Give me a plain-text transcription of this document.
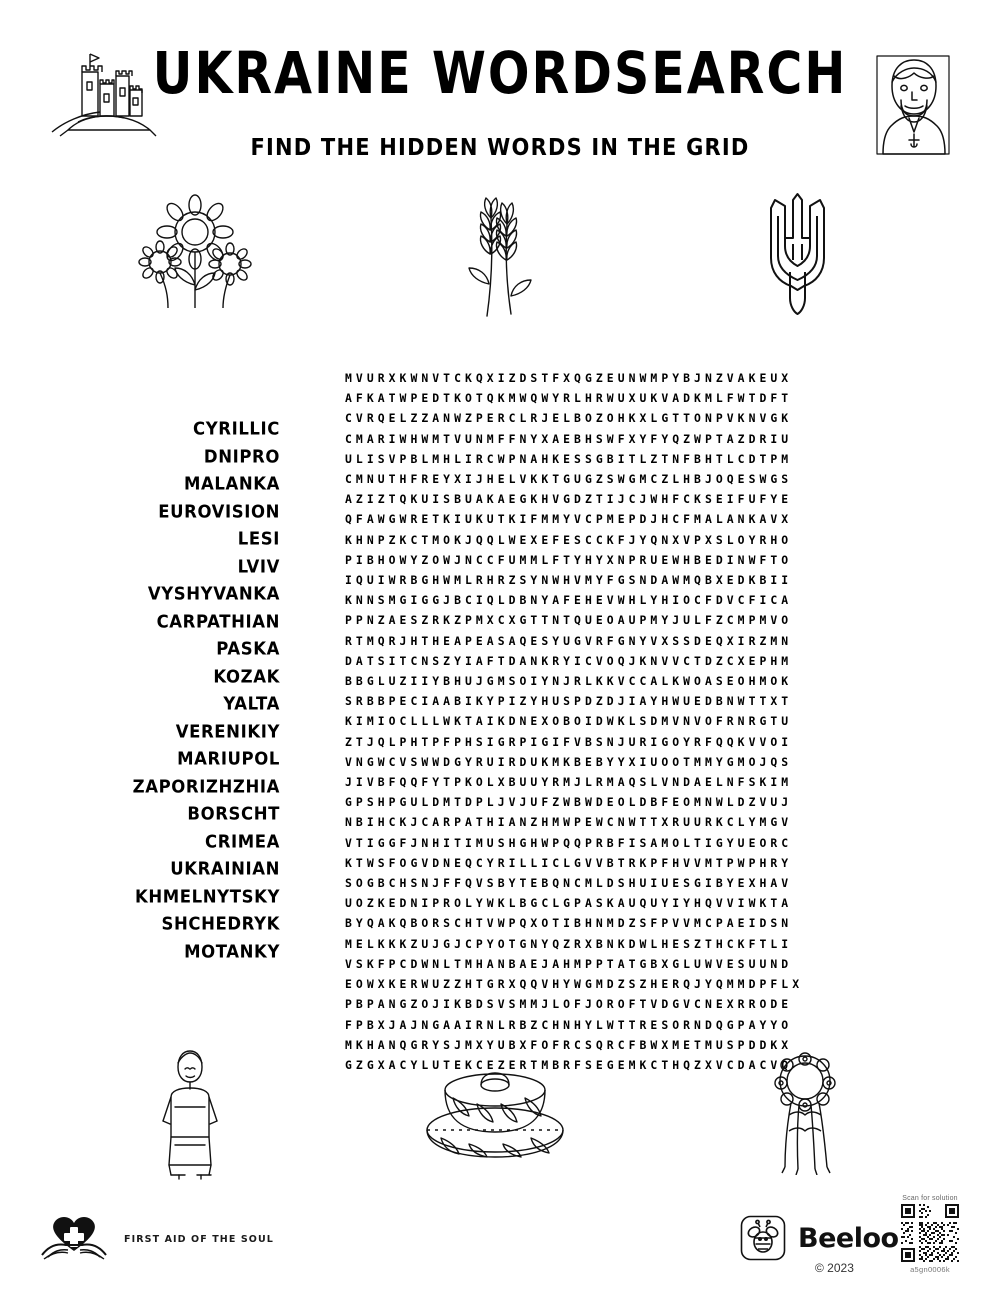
UKRAINE WORDSEARCH
FIND THE HIDDEN WORDS IN THE GRID
CYRILLIC
DNIPRO
MALANKA
EUROVISION
LESI
LVIV
VYSHYVANKA
CARPATHIAN
PASKA
KOZAK
YALTA
VERENIKIY
MARIUPOL
ZAPORIZHZHIA
BORSCHT
CRIMEA
UKRAINIAN
KHMELNYTSKY
SHCHEDRYK
MOTANKY
MVURXKWNVTCKQXIZDSTFXQGZEUNWMPYBJNZVAKEUX
AFKATWPEDTKOTQKMWQWYRLHRWUXUKVADKMLFWTDFT
CVRQELZZANWZPERCLRJELBOZOHKXLGTTONPVKNVGK
CMARIWHWMTVUNMFFNYXAEBHSWFXYFYQZWPTAZDRIU
ULISVPBLMHLIRCWPNAHKESSGBITLZTNFBHTLCDTPM
CMNUTHFREYXIJHELVKKTGUGZSWGMCZLHBJOQESWGS
AZIZTQKUISBUAKAEGKHVGDZTIJCJWHFCKSEIFUFYE
QFAWGWRETKIUKUTKIFMMYVCPMEPDJHCFMALANKAVX
KHNPZKCTMOKJQQLWEXEFESCCKFJYQNXVPXSLOYRHO
PIBHOWYZOWJNCCFUMMLFTYHYXNPRUEWHBEDINWFTO
IQUIWRBGHWMLRHRZSYNWHVMYFGSNDAWMQBXEDKBII
KNNSMGIGGJBCIQLDBNYAFEHEVWHLYHIOCFDVCFICA
PPNZAESZRKZPMXCXGTTNTQUEOAUPMYJULFZCMPMVO
RTMQRJHTHEAPEASAQESYUGVRFGNYVXSSDEQXIRZMN
DATSITCNSZYIAFTDANKRYICVOQJKNVVCTDZCXEPHM
BBGLUZIIYBHUJGMSOIYNJRLKKVCCALKWOASEOHMOK
SRBBPECIAABIKYPIZYHUSPDZDJIAYHWUEDBNWTTXT
KIMIOCLLLWKTAIKDNEXOBOIDWKLSDMVNVOFRNRGTU
ZTJQLPHTPFPHSIGRPIGIFVBSNJURIGOYRFQQKVVOI
VNGWCVSWWDGYRUIRDUKMKBEBYYXIUOOTMMYGMOJQS
JIVBFQQFYTPKOLXBUUYRMJLRMAQSLVNDAELNFSKIM
GPSHPGULDMTDPLJVJUFZWBWDEOLDBFEOMNWLDZVUJ
NBIHCKJCARPATHIANZHMWPEWCNWTTXRUURKCLYMGV
VTIGGFJNHITIMUSHGHWPQQPRBFISAMOLTIGYUEORC
KTWSFOGVDNEQCYRILLICLGVVBTRKPFHVVMTPWPHRY
SOGBCHSNJFFQVSBYTEBQNCMLDSHUIUESGIBYEXHAV
UOZKEDNIPROLYWKLBGCLGPASKAUQUYIYHQVVIWKTA
BYQAKQBORSCHTVWPQXOTIBHNMDZSFPVVMCPAEIDSN
MELKKKZUJGJCPYOTGNYQZRXBNKDWLHESZTHCKFTLI
VSKFPCDWNLTMHANBAEJAHMPPTATGBXGLUWVESUUND
EOWXKERWUZZHTGRXQQVHYWGMDZSZHERQJYQMMDPFLX
PBPANGZOJIKBDSVSMMJLOFJOROFTVDGVCNEXRRODE
FPBXJAJNGAAIRNLRBZCHNHYLWTTRESORNDQGPAYYO
MKHANQGRYSJMXYUBXFOFRCSQRCFBWXMETMUSPDDKX
GZGXACYLUTEKCEZERTMBRFSEGEMKCTHQZXVCDACVQ
FIRST AID OF THE SOUL	Beeloo
© 2023
Scan for solution
a5gn0006k
